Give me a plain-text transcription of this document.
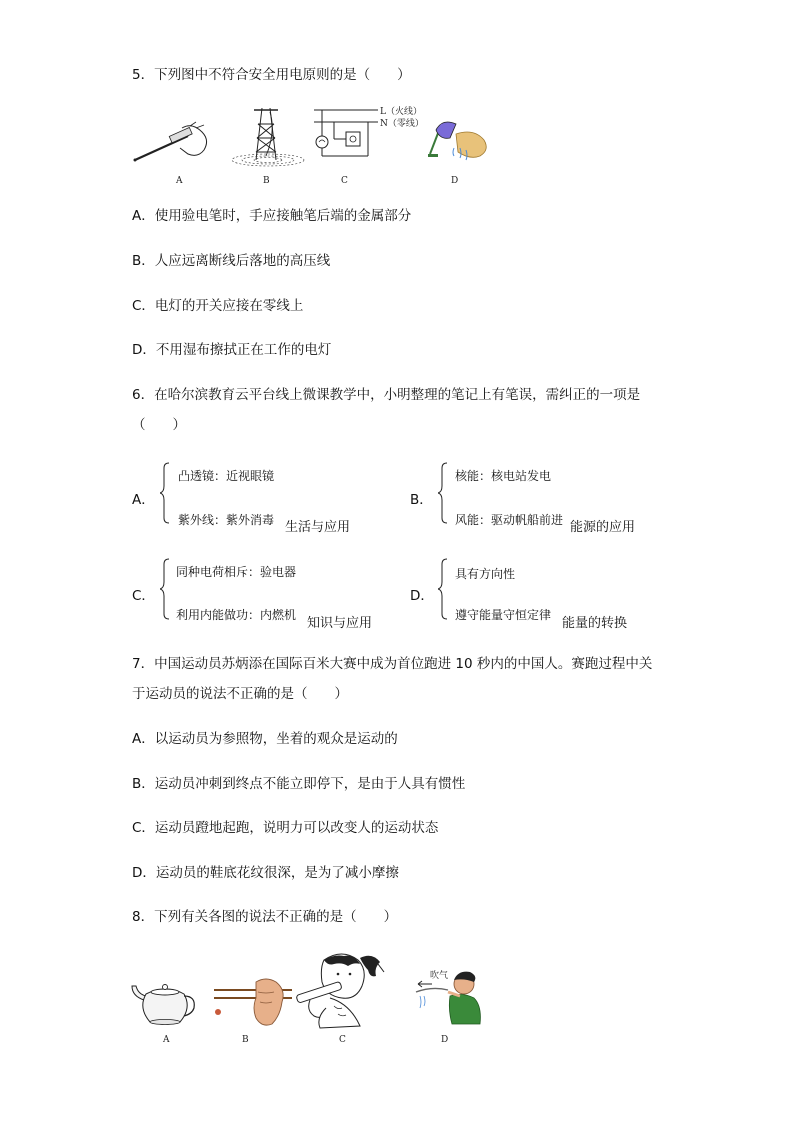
5．下列图中不符合安全用电原则的是（　　）
A	B
L（火线）
N（零线）
C	D
A．使用验电笔时，手应接触笔后端的金属部分
B．人应远离断线后落地的高压线
C．电灯的开关应接在零线上
D．不用湿布擦拭正在工作的电灯
6．在哈尔滨教育云平台线上微课教学中，小明整理的笔记上有笔误，需纠正的一项是
（　　）
A．
凸透镜：近视眼镜
紫外线：紫外消毒 生活与应用
B．
核能：核电站发电
风能：驱动帆船前进 能源的应用
C．
同种电荷相斥：验电器
利用内能做功：内燃机
知识与应用
D．
具有方向性
遵守能量守恒定律
能量的转换
7．中国运动员苏炳添在国际百米大赛中成为首位跑进 10 秒内的中国人。赛跑过程中关
于运动员的说法不正确的是（　　）
A．以运动员为参照物，坐着的观众是运动的
B．运动员冲刺到终点不能立即停下，是由于人具有惯性
C．运动员蹬地起跑，说明力可以改变人的运动状态
D．运动员的鞋底花纹很深，是为了减小摩擦
8．下列有关各图的说法不正确的是（　　）
A	B	C
吹气
D
